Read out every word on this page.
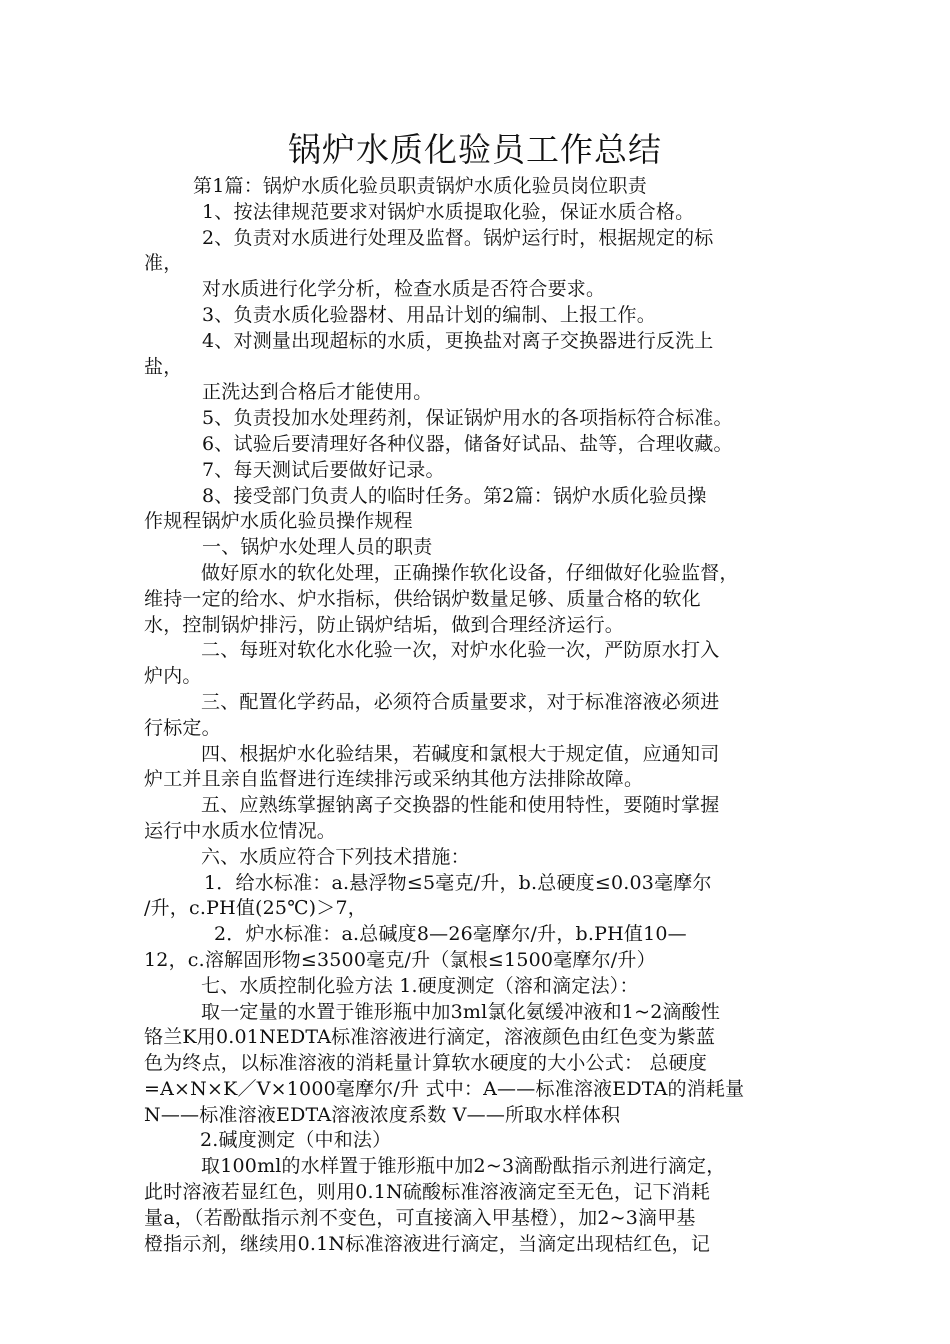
锅炉水质化验员工作总结
第1篇：锅炉水质化验员职责锅炉水质化验员岗位职责
1、按法律规范要求对锅炉水质提取化验，保证水质合格。
2、负责对水质进行处理及监督。锅炉运行时，根据规定的标
准，
对水质进行化学分析，检查水质是否符合要求。
3、负责水质化验器材、用品计划的编制、上报工作。
4、对测量出现超标的水质，更换盐对离子交换器进行反洗上
盐，
正洗达到合格后才能使用。
5、负责投加水处理药剂，保证锅炉用水的各项指标符合标准。
6、试验后要清理好各种仪器，储备好试品、盐等，合理收藏。
7、每天测试后要做好记录。
8、接受部门负责人的临时任务。第2篇：锅炉水质化验员操
作规程锅炉水质化验员操作规程
一、锅炉水处理人员的职责
做好原水的软化处理，正确操作软化设备，仔细做好化验监督，
维持一定的给水、炉水指标，供给锅炉数量足够、质量合格的软化
水，控制锅炉排污，防止锅炉结垢，做到合理经济运行。
二、每班对软化水化验一次，对炉水化验一次，严防原水打入
炉内。
三、配置化学药品，必须符合质量要求，对于标准溶液必须进
行标定。
四、根据炉水化验结果，若碱度和氯根大于规定值，应通知司
炉工并且亲自监督进行连续排污或采纳其他方法排除故障。
五、应熟练掌握钠离子交换器的性能和使用特性，要随时掌握
运行中水质水位情况。
六、水质应符合下列技术措施：
1．给水标准：a.悬浮物≤5毫克/升，b.总硬度≤0.03毫摩尔
/升，c.PH值(25℃)＞7，
2．炉水标准：a.总碱度8—26毫摩尔/升，b.PH值10—
12，c.溶解固形物≤3500毫克/升（氯根≤1500毫摩尔/升）
七、水质控制化验方法 1.硬度测定（溶和滴定法）：
取一定量的水置于锥形瓶中加3ml氯化氨缓冲液和1~2滴酸性
铬兰K用0.01NEDTA标准溶液进行滴定，溶液颜色由红色变为紫蓝
色为终点，以标准溶液的消耗量计算软水硬度的大小公式： 总硬度
=A×N×K／V×1000毫摩尔/升 式中：A——标准溶液EDTA的消耗量
N——标准溶液EDTA溶液浓度系数 V——所取水样体积
2.碱度测定（中和法）
取100ml的水样置于锥形瓶中加2~3滴酚酞指示剂进行滴定，
此时溶液若显红色，则用0.1N硫酸标准溶液滴定至无色，记下消耗
量a，（若酚酞指示剂不变色，可直接滴入甲基橙），加2~3滴甲基
橙指示剂，继续用0.1N标准溶液进行滴定，当滴定出现桔红色，记
